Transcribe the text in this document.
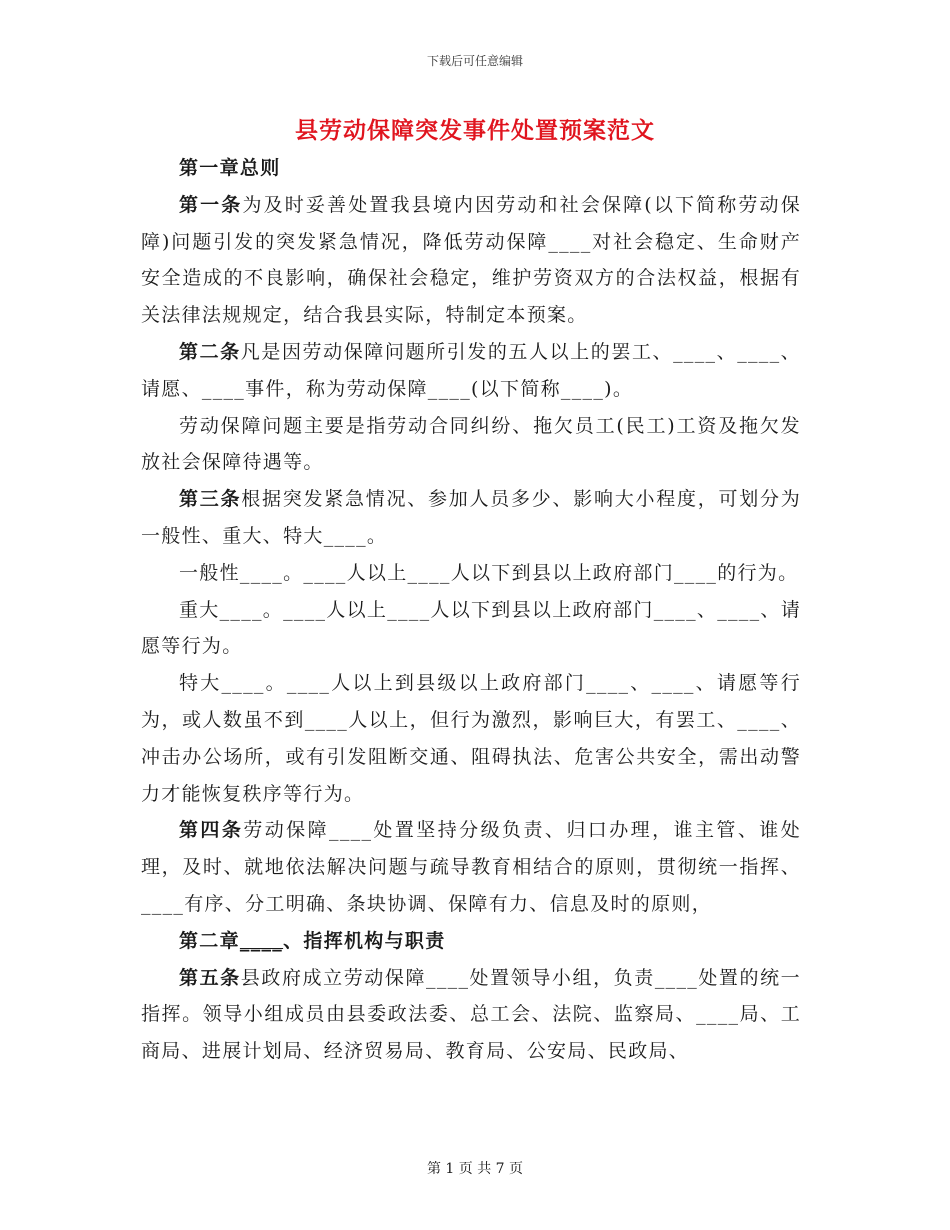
下载后可任意编辑
县劳动保障突发事件处置预案范文

第一章总则

第一条为及时妥善处置我县境内因劳动和社会保障(以下简称劳动保障)问题引发的突发紧急情况，降低劳动保障____对社会稳定、生命财产安全造成的不良影响，确保社会稳定，维护劳资双方的合法权益，根据有关法律法规规定，结合我县实际，特制定本预案。

第二条凡是因劳动保障问题所引发的五人以上的罢工、____、____、请愿、____事件，称为劳动保障____(以下简称____)。

劳动保障问题主要是指劳动合同纠纷、拖欠员工(民工)工资及拖欠发放社会保障待遇等。

第三条根据突发紧急情况、参加人员多少、影响大小程度，可划分为一般性、重大、特大____。

一般性____。____人以上____人以下到县以上政府部门____的行为。

重大____。____人以上____人以下到县以上政府部门____、____、请愿等行为。

特大____。____人以上到县级以上政府部门____、____、请愿等行为，或人数虽不到____人以上，但行为激烈，影响巨大，有罢工、____、冲击办公场所，或有引发阻断交通、阻碍执法、危害公共安全，需出动警力才能恢复秩序等行为。

第四条劳动保障____处置坚持分级负责、归口办理，谁主管、谁处理，及时、就地依法解决问题与疏导教育相结合的原则，贯彻统一指挥、____有序、分工明确、条块协调、保障有力、信息及时的原则，

第二章____、指挥机构与职责

第五条县政府成立劳动保障____处置领导小组，负责____处置的统一指挥。领导小组成员由县委政法委、总工会、法院、监察局、____局、工商局、进展计划局、经济贸易局、教育局、公安局、民政局、

第 1 页 共 7 页
